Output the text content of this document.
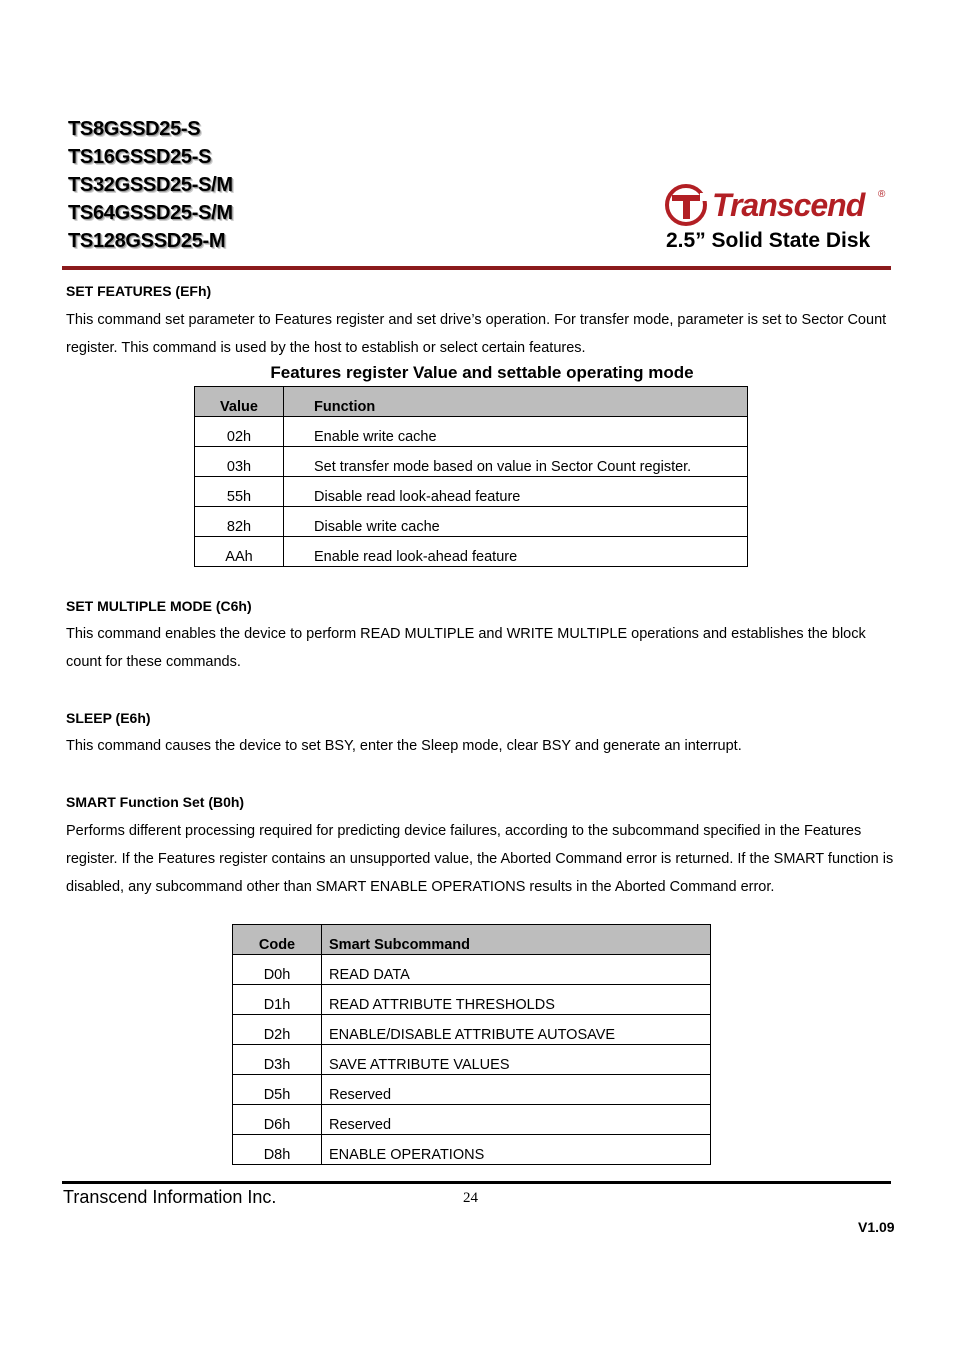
TS8GSSD25-S
TS16GSSD25-S
TS32GSSD25-S/M
TS64GSSD25-S/M
TS128GSSD25-M
Transcend ®
2.5” Solid State Disk
SET FEATURES (EFh)
This command set parameter to Features register and set drive’s operation. For transfer mode, parameter is set to Sector Count register. This command is used by the host to establish or select certain features.
Features register Value and settable operating mode
Value	Function
02h	Enable write cache
03h	Set transfer mode based on value in Sector Count register.
55h	Disable read look-ahead feature
82h	Disable write cache
AAh	Enable read look-ahead feature
SET MULTIPLE MODE (C6h)
This command enables the device to perform READ MULTIPLE and WRITE MULTIPLE operations and establishes the block count for these commands.
SLEEP (E6h)
This command causes the device to set BSY, enter the Sleep mode, clear BSY and generate an interrupt.
SMART Function Set (B0h)
Performs different processing required for predicting device failures, according to the subcommand specified in the Features register. If the Features register contains an unsupported value, the Aborted Command error is returned. If the SMART function is disabled, any subcommand other than SMART ENABLE OPERATIONS results in the Aborted Command error.
Code	Smart Subcommand
D0h	READ DATA
D1h	READ ATTRIBUTE THRESHOLDS
D2h	ENABLE/DISABLE ATTRIBUTE AUTOSAVE
D3h	SAVE ATTRIBUTE VALUES
D5h	Reserved
D6h	Reserved
D8h	ENABLE OPERATIONS
Transcend Information Inc.	24
V1.09
